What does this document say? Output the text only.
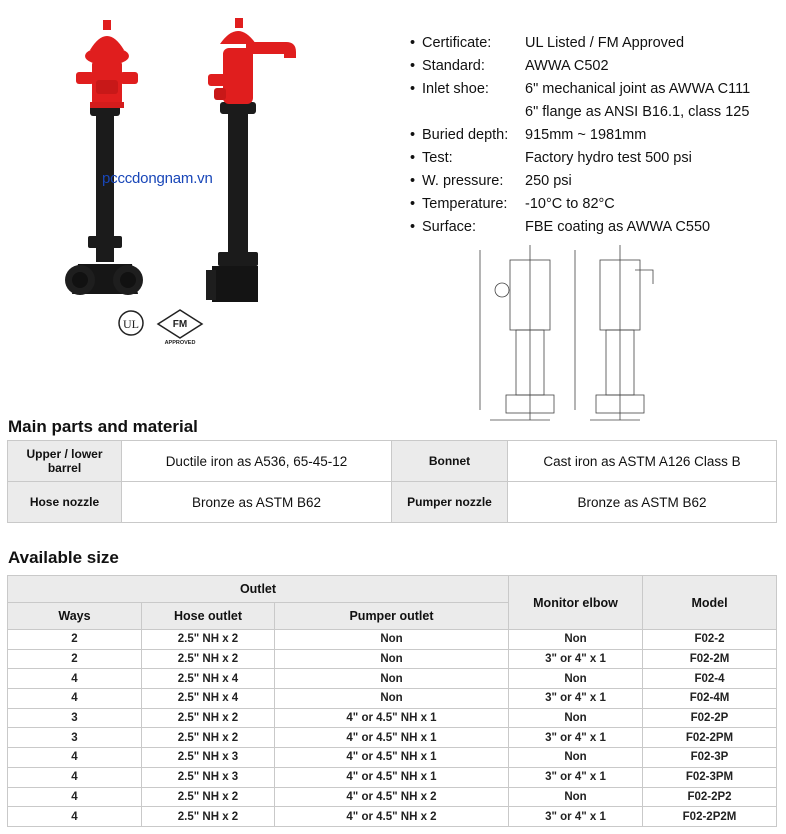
pcccdongnam.vn
UL	FM
APPROVED
• Certificate:	UL Listed / FM Approved
• Standard:	AWWA C502
• Inlet shoe:	6" mechanical joint as AWWA C111
6" flange as ANSI B16.1, class 125
• Buried depth:	915mm ~ 1981mm
• Test:	Factory hydro test 500 psi
• W. pressure:	250 psi
• Temperature:	-10°C to 82°C
• Surface:	FBE coating as AWWA C550
Main parts and material
Upper / lower barrel	Ductile iron as A536, 65-45-12	Bonnet	Cast iron as ASTM A126 Class B
Hose nozzle	Bronze as ASTM B62	Pumper nozzle	Bronze as ASTM B62
Available size
Outlet			Monitor elbow	Model
Ways	Hose outlet	Pumper outlet		
2	2.5" NH x 2	Non	Non	F02-2
2	2.5" NH x 2	Non	3" or 4" x 1	F02-2M
4	2.5" NH x 4	Non	Non	F02-4
4	2.5" NH x 4	Non	3" or 4" x 1	F02-4M
3	2.5" NH x 2	4" or 4.5" NH x 1	Non	F02-2P
3	2.5" NH x 2	4" or 4.5" NH x 1	3" or 4" x 1	F02-2PM
4	2.5" NH x 3	4" or 4.5" NH x 1	Non	F02-3P
4	2.5" NH x 3	4" or 4.5" NH x 1	3" or 4" x 1	F02-3PM
4	2.5" NH x 2	4" or 4.5" NH x 2	Non	F02-2P2
4	2.5" NH x 2	4" or 4.5" NH x 2	3" or 4" x 1	F02-2P2M
